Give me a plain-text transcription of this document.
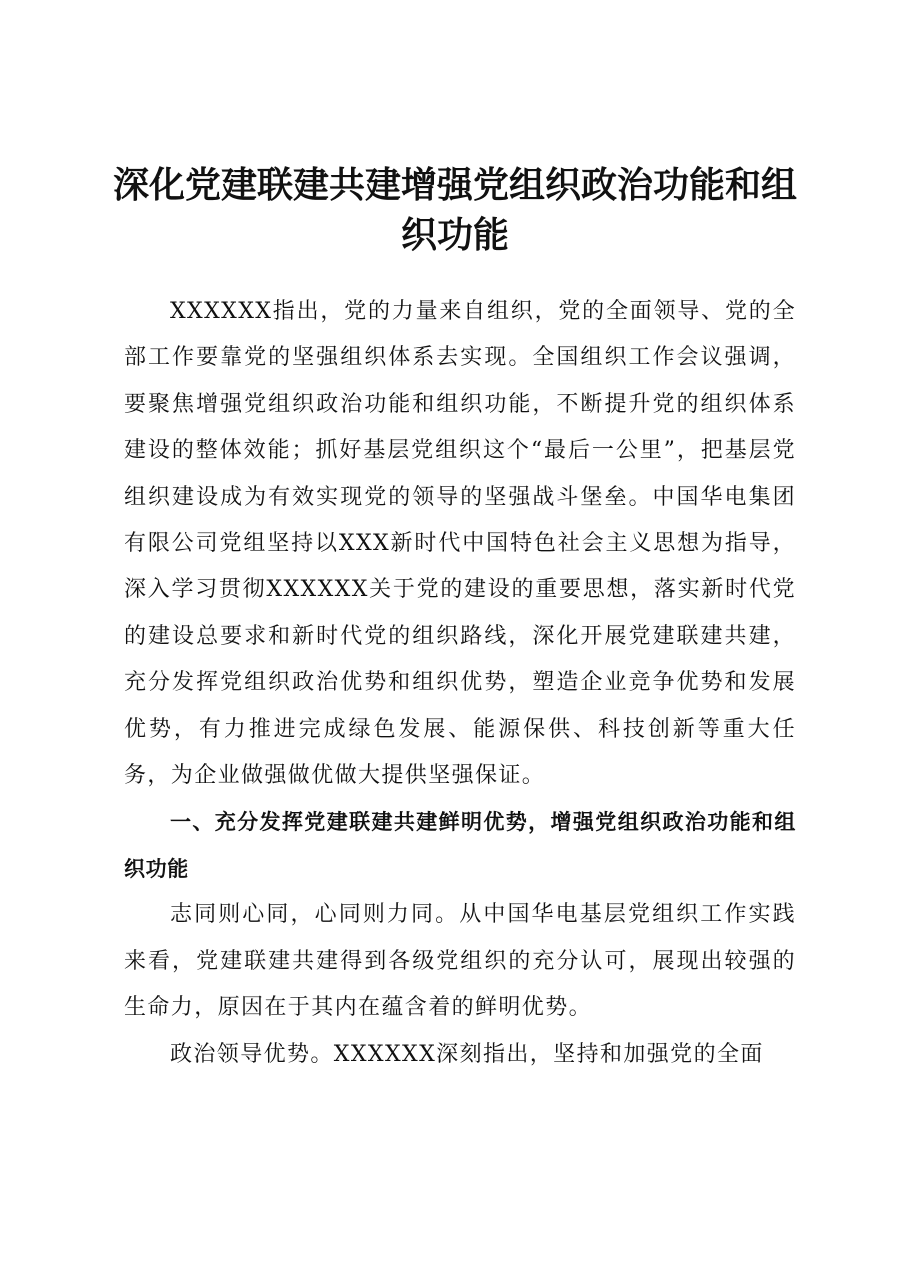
深化党建联建共建增强党组织政治功能和组织功能

XXXXXX指出，党的力量来自组织，党的全面领导、党的全部工作要靠党的坚强组织体系去实现。全国组织工作会议强调，要聚焦增强党组织政治功能和组织功能，不断提升党的组织体系建设的整体效能；抓好基层党组织这个“最后一公里”，把基层党组织建设成为有效实现党的领导的坚强战斗堡垒。中国华电集团有限公司党组坚持以XXX新时代中国特色社会主义思想为指导，深入学习贯彻XXXXXX关于党的建设的重要思想，落实新时代党的建设总要求和新时代党的组织路线，深化开展党建联建共建，充分发挥党组织政治优势和组织优势，塑造企业竞争优势和发展优势，有力推进完成绿色发展、能源保供、科技创新等重大任务，为企业做强做优做大提供坚强保证。

一、充分发挥党建联建共建鲜明优势，增强党组织政治功能和组织功能

志同则心同，心同则力同。从中国华电基层党组织工作实践来看，党建联建共建得到各级党组织的充分认可，展现出较强的生命力，原因在于其内在蕴含着的鲜明优势。

政治领导优势。XXXXXX深刻指出，坚持和加强党的全面
